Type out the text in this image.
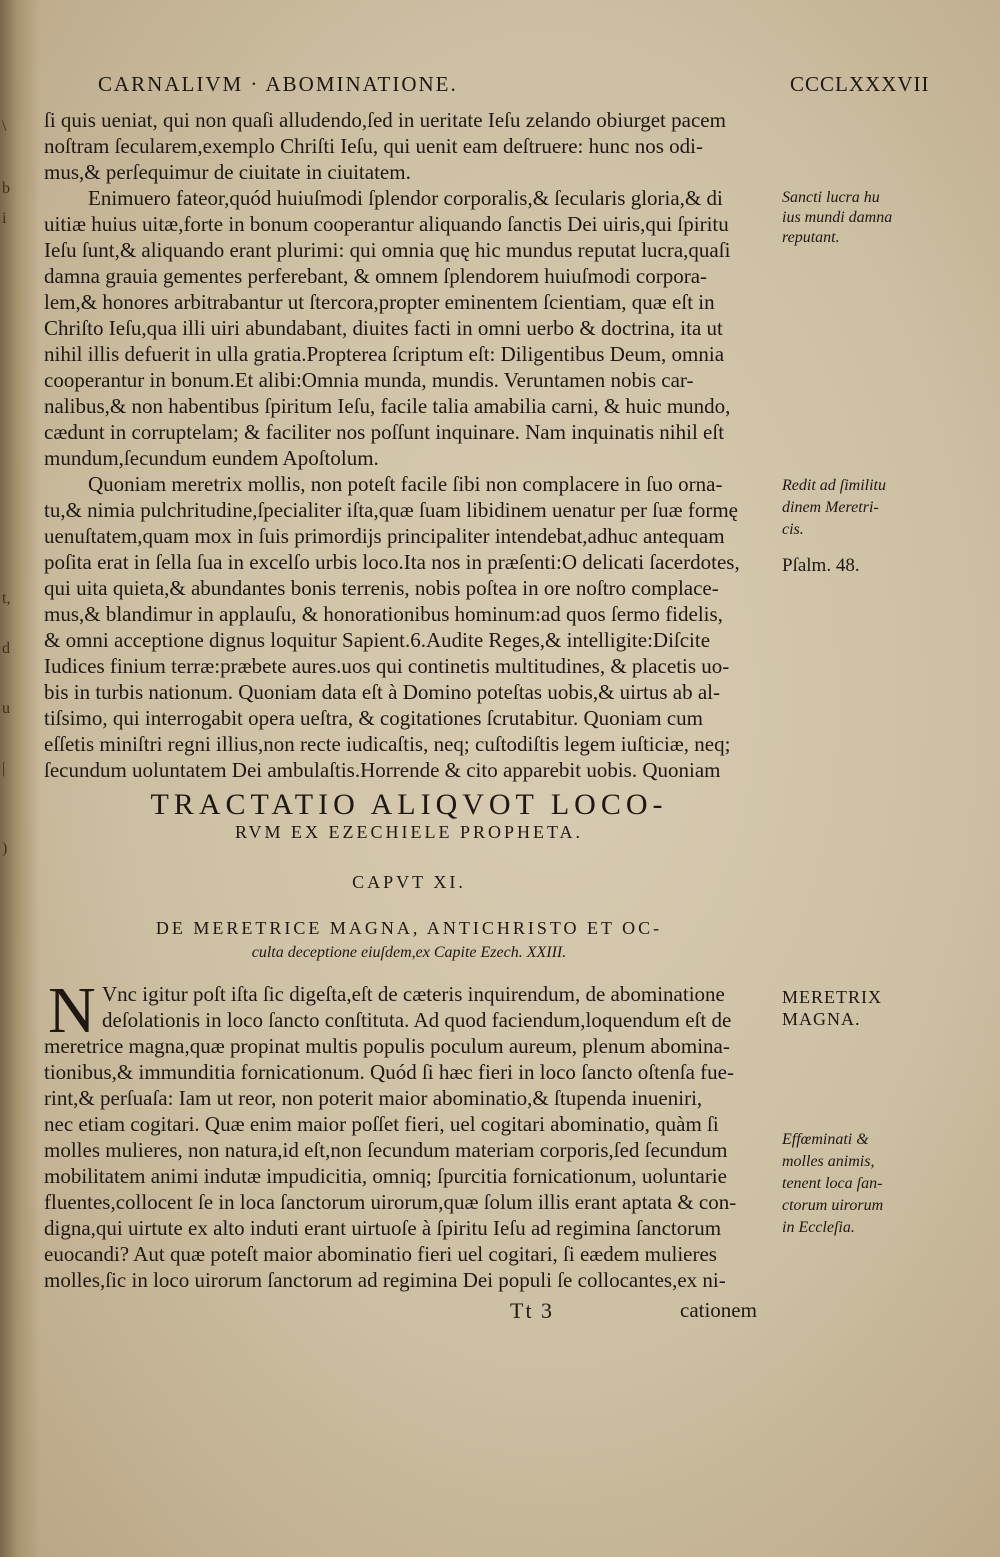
\
b
i
t,
d
u
|
)
CARNALIVM · ABOMINATIONE.	CCCLXXXVII
ſi quis ueniat, qui non quaſi alludendo,ſed in ueritate Ieſu zelando obiurget pacem
noſtram ſecularem,exemplo Chriſti Ieſu, qui uenit eam deſtruere: hunc nos odi-
mus,& perſequimur de ciuitate in ciuitatem.
Enimuero fateor,quód huiuſmodi ſplendor corporalis,& ſecularis gloria,& di
uitiæ huius uitæ,forte in bonum cooperantur aliquando ſanctis Dei uiris,qui ſpiritu
Ieſu ſunt,& aliquando erant plurimi: qui omnia quę hic mundus reputat lucra,quaſi
damna grauia gementes perferebant, & omnem ſplendorem huiuſmodi corpora-
lem,& honores arbitrabantur ut ſtercora,propter eminentem ſcientiam, quæ eſt in
Chriſto Ieſu,qua illi uiri abundabant, diuites facti in omni uerbo & doctrina, ita ut
nihil illis defuerit in ulla gratia.Propterea ſcriptum eſt: Diligentibus Deum, omnia
cooperantur in bonum.Et alibi:Omnia munda, mundis. Veruntamen nobis car-
nalibus,& non habentibus ſpiritum Ieſu, facile talia amabilia carni, & huic mundo,
cædunt in corruptelam; & faciliter nos poſſunt inquinare. Nam inquinatis nihil eſt
mundum,ſecundum eundem Apoſtolum.
Quoniam meretrix mollis, non poteſt facile ſibi non complacere in ſuo orna-
tu,& nimia pulchritudine,ſpecialiter iſta,quæ ſuam libidinem uenatur per ſuæ formę
uenuſtatem,quam mox in ſuis primordijs principaliter intendebat,adhuc antequam
poſita erat in ſella ſua in excelſo urbis loco.Ita nos in præſenti:O delicati ſacerdotes,
qui uita quieta,& abundantes bonis terrenis, nobis poſtea in ore noſtro complace-
mus,& blandimur in applauſu, & honorationibus hominum:ad quos ſermo fidelis,
& omni acceptione dignus loquitur Sapient.6.Audite Reges,& intelligite:Diſcite
Iudices finium terræ:præbete aures.uos qui continetis multitudines, & placetis uo-
bis in turbis nationum. Quoniam data eſt à Domino poteſtas uobis,& uirtus ab al-
tiſsimo, qui interrogabit opera ueſtra, & cogitationes ſcrutabitur. Quoniam cum
eſſetis miniſtri regni illius,non recte iudicaſtis, neq; cuſtodiſtis legem iuſticiæ, neq;
ſecundum uoluntatem Dei ambulaſtis.Horrende & cito apparebit uobis. Quoniam
TRACTATIO ALIQVOT LOCO-
RVM EX EZECHIELE PROPHETA.
CAPVT XI.
DE MERETRICE MAGNA, ANTICHRISTO ET OC-
culta deceptione eiuſdem,ex Capite Ezech. XXIII.
N Vnc igitur poſt iſta ſic digeſta,eſt de cæteris inquirendum, de abominatione
deſolationis in loco ſancto conſtituta. Ad quod faciendum,loquendum eſt de
meretrice magna,quæ propinat multis populis poculum aureum, plenum abomina-
tionibus,& immunditia fornicationum. Quód ſi hæc fieri in loco ſancto oſtenſa fue-
rint,& perſuaſa: Iam ut reor, non poterit maior abominatio,& ſtupenda inueniri,
nec etiam cogitari. Quæ enim maior poſſet fieri, uel cogitari abominatio, quàm ſi
molles mulieres, non natura,id eſt,non ſecundum materiam corporis,ſed ſecundum
mobilitatem animi indutæ impudicitia, omniq; ſpurcitia fornicationum, uoluntarie
fluentes,collocent ſe in loca ſanctorum uirorum,quæ ſolum illis erant aptata & con-
digna,qui uirtute ex alto induti erant uirtuoſe à ſpiritu Ieſu ad regimina ſanctorum
euocandi? Aut quæ poteſt maior abominatio fieri uel cogitari, ſi eædem mulieres
molles,ſic in loco uirorum ſanctorum ad regimina Dei populi ſe collocantes,ex ni-
Tt 3	cationem
Sancti lucra hu
ius mundi damna
reputant.
Redit ad ſimilitu
dinem Meretri-
cis.
Pſalm. 48.
MERETRIX
MAGNA.
Effœminati &
molles animis,
tenent loca ſan-
ctorum uirorum
in Eccleſia.
